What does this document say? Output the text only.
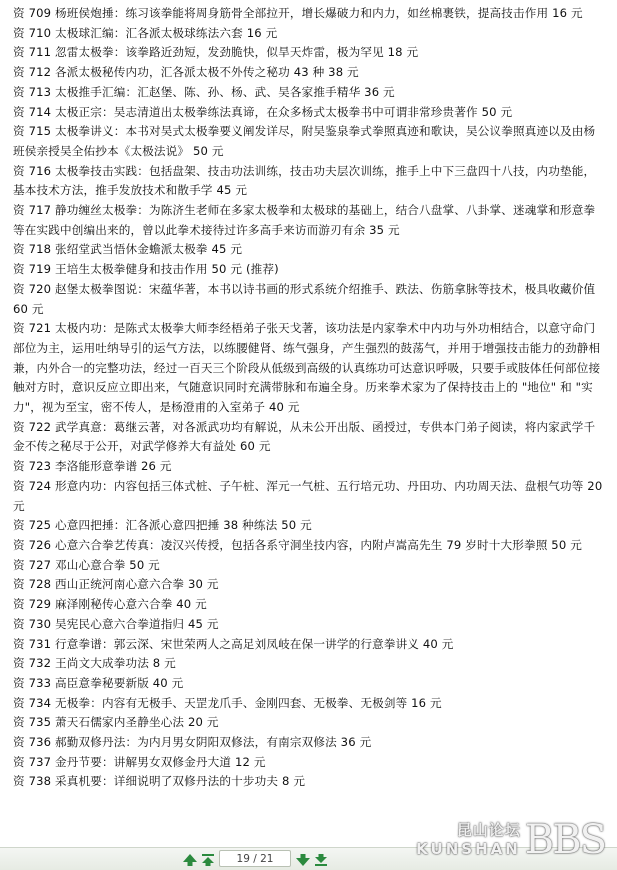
资 709 杨班侯炮捶：练习该拳能将周身筋骨全部拉开，增长爆破力和内力，如丝棉裹铁，提高技击作用 16 元
资 710 太极球汇编：汇各派太极球练法六套 16 元
资 711 忽雷太极拳：该拳路近劲短，发劲脆快，似旱天炸雷，极为罕见 18 元
资 712 各派太极秘传内功，汇各派太极不外传之秘功 43 种 38 元
资 713 太极推手汇编：汇赵堡、陈、孙、杨、武、吴各家推手精华 36 元
资 714 太极正宗：吴志清道出太极拳练法真谛，在众多杨式太极拳书中可谓非常珍贵著作 50 元
资 715 太极拳讲义：本书对吴式太极拳要义阐发详尽，附吴鉴泉拳式拳照真迹和歌诀，吴公议拳照真迹以及由杨班侯亲授吴全佑抄本《太极法说》 50 元
资 716 太极拳技击实践：包括盘架、技击功法训练，技击功夫层次训练，推手上中下三盘四十八技，内功垫能，基本技术方法，推手发放技术和散手学 45 元
资 717 静功缠丝太极拳：为陈济生老师在多家太极拳和太极球的基础上，结合八盘掌、八卦掌、迷魂掌和形意拳等在实践中创编出来的，曾以此拳术接待过许多高手来访而游刃有余 35 元
资 718 张绍堂武当悟休金蟾派太极拳 45 元
资 719 王培生太极拳健身和技击作用 50 元 (推荐)
资 720 赵堡太极拳图说：宋蕴华著，本书以诗书画的形式系统介绍推手、跌法、伤筋拿脉等技术，极具收藏价值 60 元
资 721 太极内功：是陈式太极拳大师李经梧弟子张天戈著，该功法是内家拳术中内功与外功相结合，以意守命门部位为主，运用吐纳导引的运气方法，以练腰健肾、练气强身，产生强烈的鼓荡气，并用于增强技击能力的劲静相兼，内外合一的完整功法，经过一百天三个阶段从低级到高级的认真练功可达意识呼吸，只要手或肢体任何部位接触对方时，意识反应立即出来，气随意识同时充满带脉和布遍全身。历来拳术家为了保持技击上的 "地位" 和 "实力"，视为至宝，密不传人，是杨澄甫的入室弟子 40 元
资 722 武学真意：葛继云著，对各派武功均有解说，从未公开出版、函授过，专供本门弟子阅读，将内家武学千金不传之秘尽于公开，对武学修养大有益处 60 元
资 723 李洛能形意拳谱 26 元
资 724 形意内功：内容包括三体式桩、子午桩、浑元一气桩、五行培元功、丹田功、内功周天法、盘根气功等 20 元
资 725 心意四把捶：汇各派心意四把捶 38 种练法 50 元
资 726 心意六合拳艺传真：凌汉兴传授，包括各系守洞坐技内容，内附卢嵩高先生 79 岁时十大形拳照 50 元
资 727 邓山心意合拳 50 元
资 728 西山正统河南心意六合拳 30 元
资 729 麻泽刚秘传心意六合拳 40 元
资 730 吴宪民心意六合拳道指归 45 元
资 731 行意拳谱：郭云深、宋世荣两人之高足刘凤岐在保一讲学的行意拳讲义 40 元
资 732 王尚文大成拳功法 8 元
资 733 高臣意拳秘要新版 40 元
资 734 无极拳：内容有无极手、天罡龙爪手、金刚四套、无极拳、无极剑等 16 元
资 735 萧天石儒家内圣静坐心法 20 元
资 736 郝勤双修丹法：为内月男女阴阳双修法，有南宗双修法 36 元
资 737 金丹节要：讲解男女双修金丹大道 12 元
资 738 采真机要：详细说明了双修丹法的十步功夫 8 元
19 / 21
昆山论坛
KUNSHAN BBS
